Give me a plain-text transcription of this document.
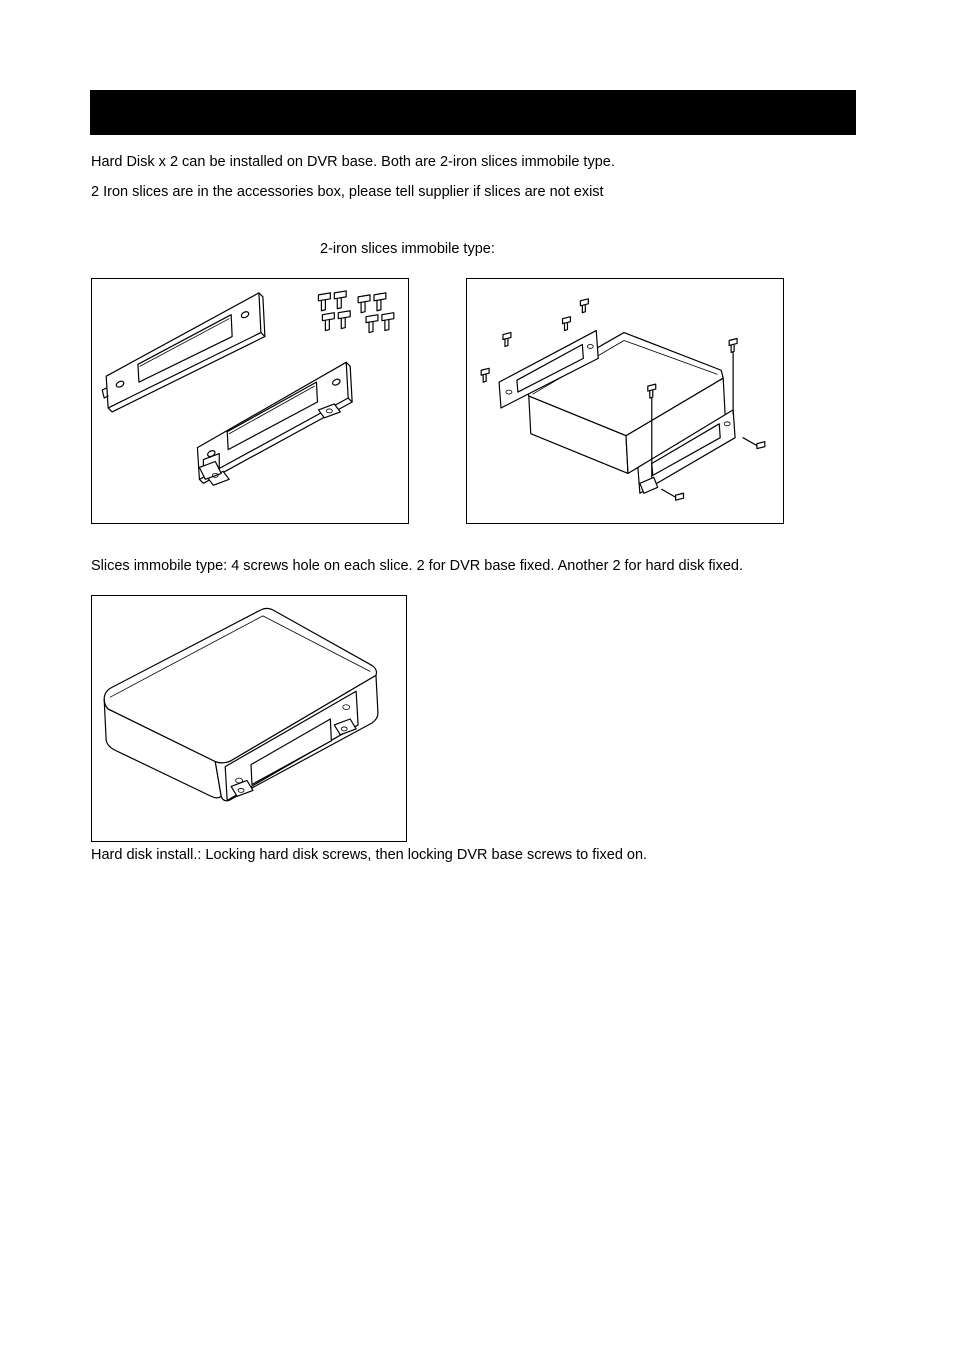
Hard Disk x 2 can be installed on DVR base. Both are 2-iron slices immobile type.
2 Iron slices are in the accessories box, please tell supplier if slices are not exist
2-iron slices immobile type:
Slices immobile type: 4 screws hole on each slice. 2 for DVR base fixed. Another 2 for hard disk fixed.
Hard disk install.: Locking hard disk screws, then locking DVR base screws to fixed on.
